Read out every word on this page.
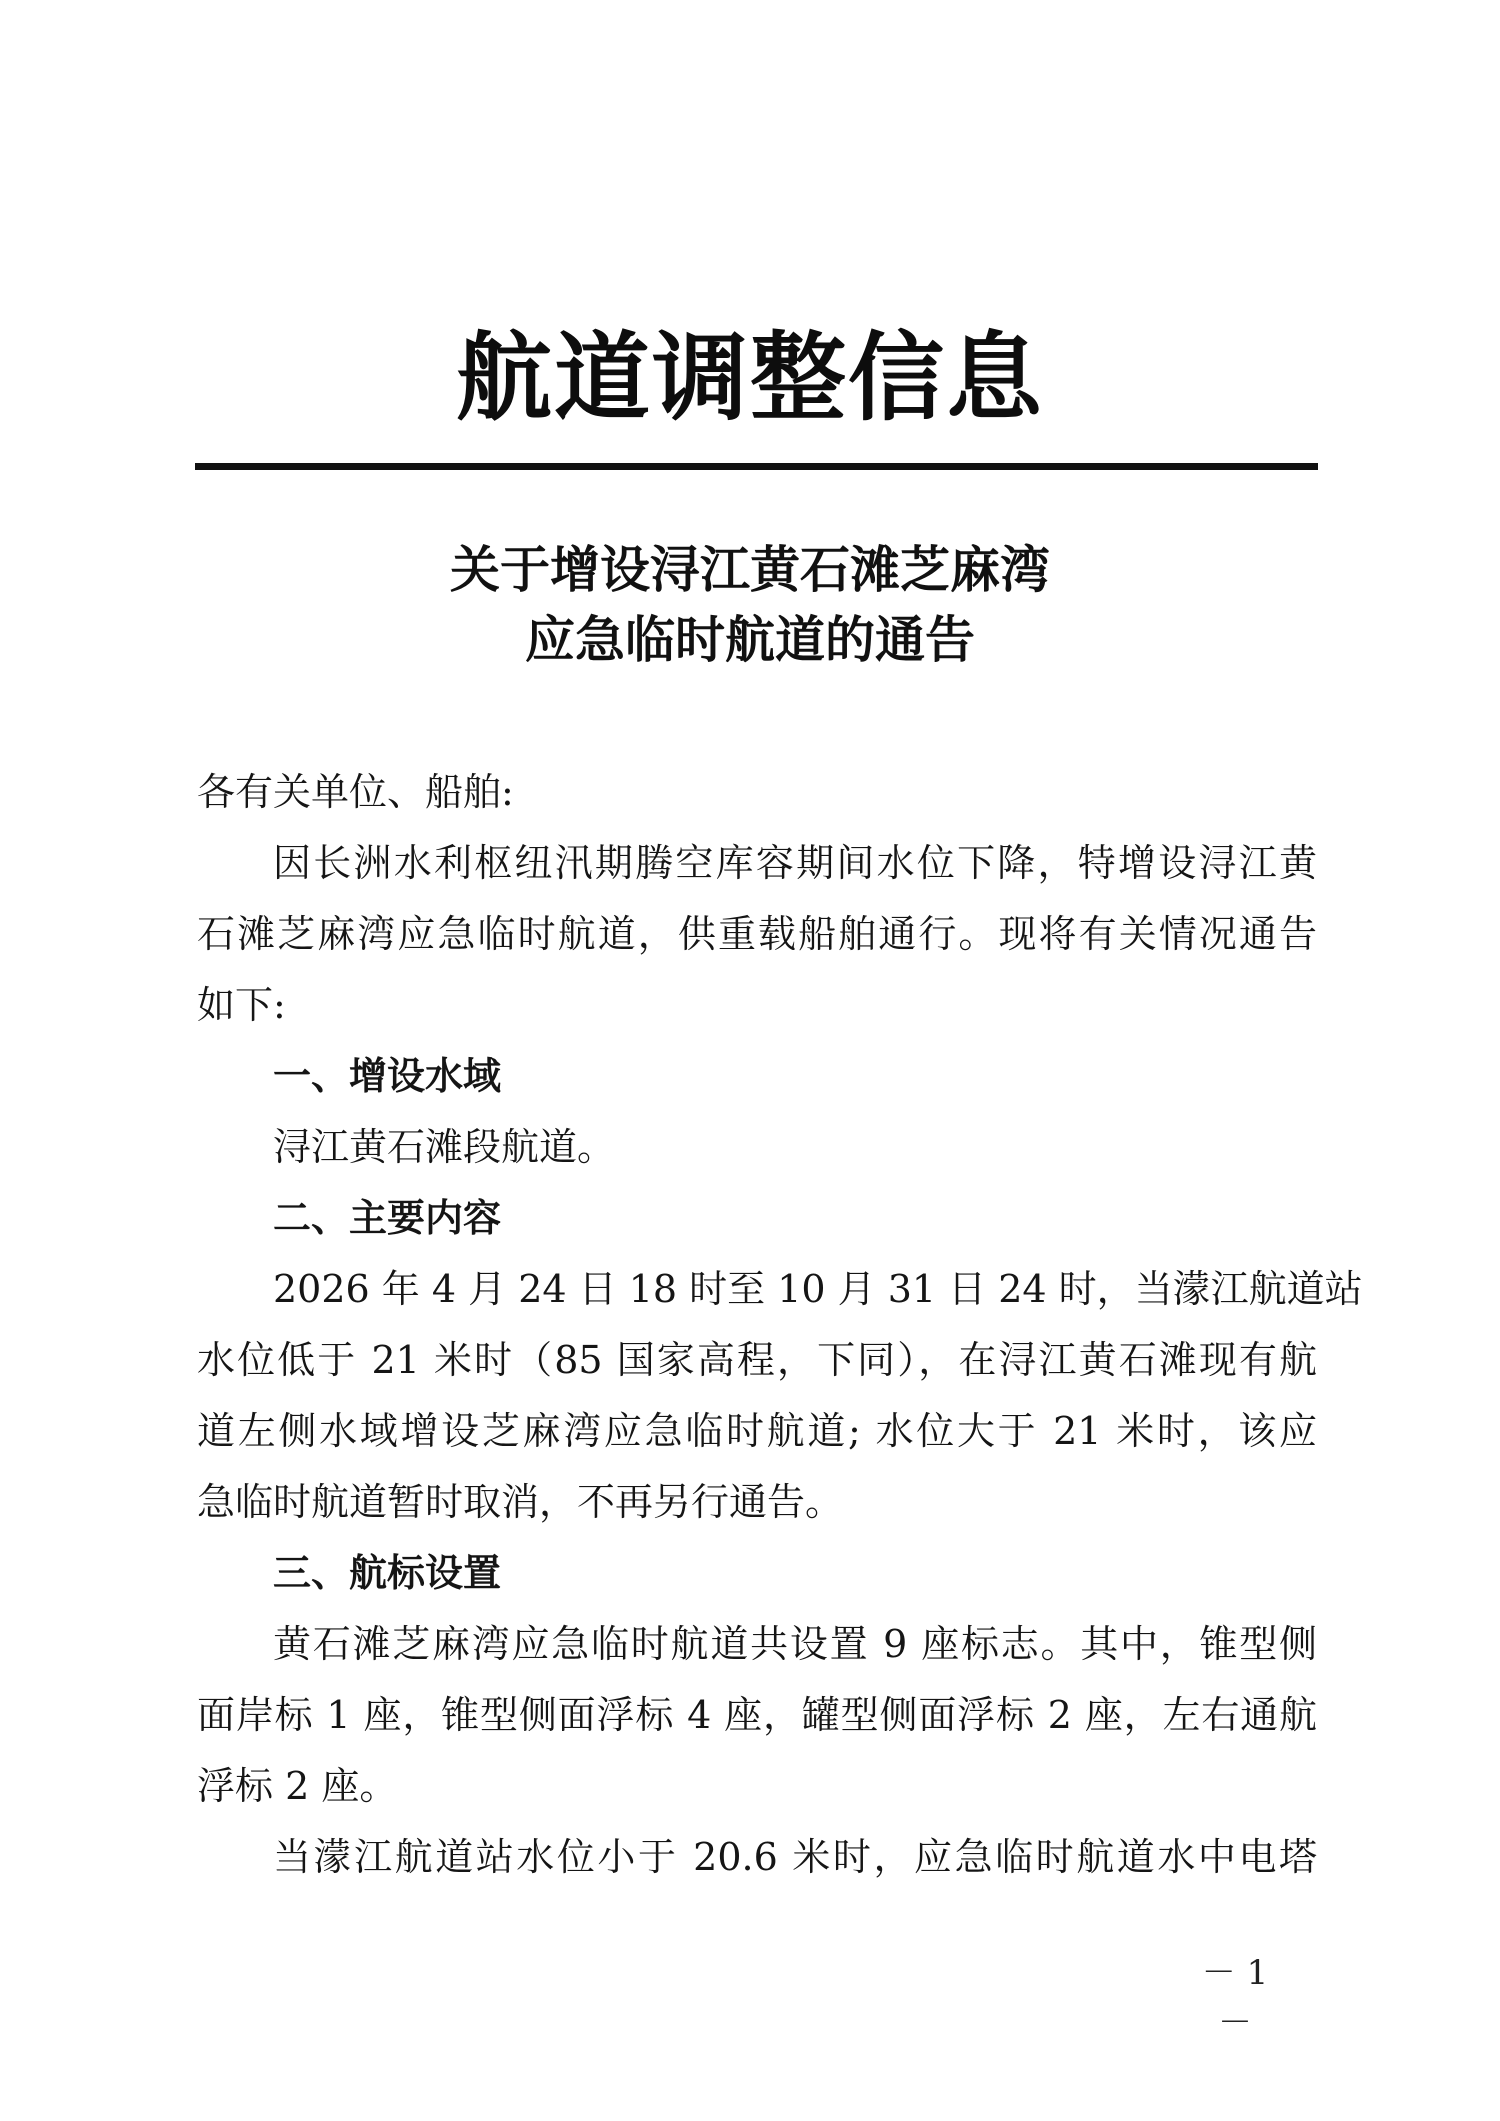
航道调整信息
关于增设浔江黄石滩芝麻湾
应急临时航道的通告
各有关单位、船舶:
因长洲水利枢纽汛期腾空库容期间水位下降，特增设浔江黄
石滩芝麻湾应急临时航道，供重载船舶通行。现将有关情况通告
如下:
一、增设水域
浔江黄石滩段航道。
二、主要内容
2026 年 4 月 24 日 18 时至 10 月 31 日 24 时，当濛江航道站
水位低于 21 米时（85 国家高程，下同），在浔江黄石滩现有航
道左侧水域增设芝麻湾应急临时航道; 水位大于 21 米时，该应
急临时航道暂时取消，不再另行通告。
三、航标设置
黄石滩芝麻湾应急临时航道共设置 9 座标志。其中，锥型侧
面岸标 1 座，锥型侧面浮标 4 座，罐型侧面浮标 2 座，左右通航
浮标 2 座。
当濛江航道站水位小于 20.6 米时，应急临时航道水中电塔
－ 1 －
